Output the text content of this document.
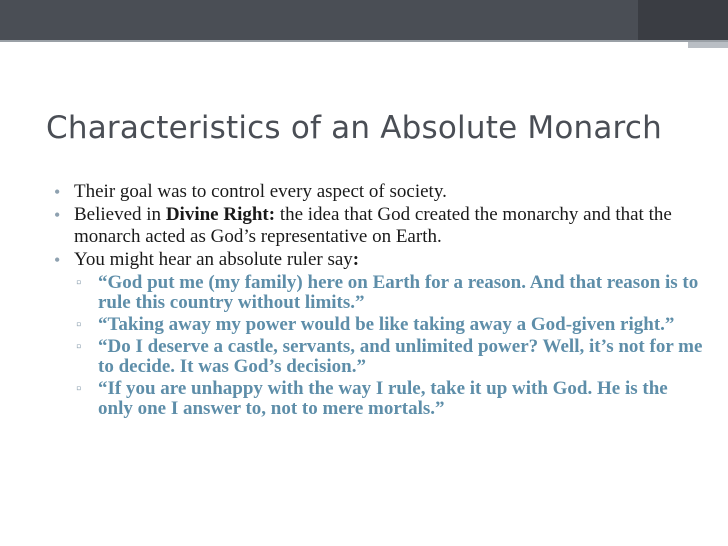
Characteristics of an Absolute Monarch
• Their goal was to control every aspect of society.
• Believed in Divine Right: the idea that God created the monarchy and that the monarch acted as God’s representative on Earth.
• You might hear an absolute ruler say:
▫ “God put me (my family) here on Earth for a reason. And that reason is to rule this country without limits.”
▫ “Taking away my power would be like taking away a God-given right.”
▫ “Do I deserve a castle, servants, and unlimited power? Well, it’s not for me to decide. It was God’s decision.”
▫ “If you are unhappy with the way I rule, take it up with God. He is the only one I answer to, not to mere mortals.”
